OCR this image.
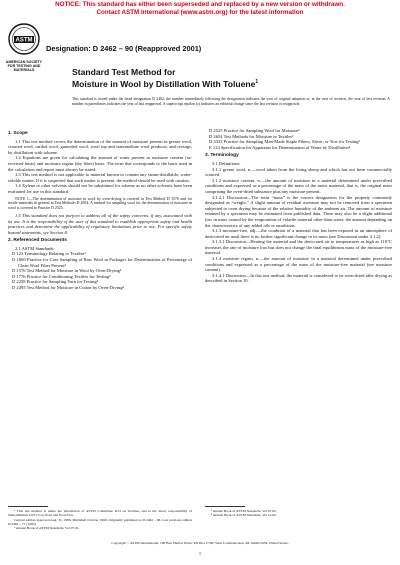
NOTICE: This standard has either been superseded and replaced by a new version or withdrawn.
Contact ASTM International (www.astm.org) for the latest information
ASTM
AMERICAN SOCIETY FOR TESTING AND MATERIALS
Designation: D 2462 – 90 (Reapproved 2001)
Standard Test Method for
Moisture in Wool by Distillation With Toluene$^1$
This standard is issued under the fixed designation D 2462; the number immediately following the designation indicates the year of original adoption or, in the case of revision, the year of last revision. A number in parentheses indicates the year of last reapproval. A superscript epsilon (ε) indicates an editorial change since the last revision or reapproval.

1. Scope

1.1 This test method covers the determination of the amount of moisture present in grease wool, scoured wool, carded wool, garnetted wool, wool top and intermediate wool products, and rovings, by distillation with toluene.

1.2 Equations are given for calculating the amount of water present as moisture content (as-received basis) and moisture regain (dry fiber) basis. The term that corresponds to the basis used in the calculation and report must always be stated.

1.3 This test method is not applicable to material known to contain any steam-distillable, water-soluble matter. If it is suspected that such matter is present, the method should be used with caution.

1.4 Xylene or other solvents should not be substituted for toluene as no other solvents have been evaluated for use in this standard.

NOTE 1—The determination of moisture in wool by oven-drying is covered in Test Method D 1576 and for textile materials in general in Test Methods D 2654. A method for sampling wool for the determination of moisture in wool is covered in Practice D 2525.

1.5 This standard does not purport to address all of the safety concerns, if any, associated with its use. It is the responsibility of the user of this standard to establish appropriate safety and health practices and determine the applicability of regulatory limitations prior to use. For specific safety hazard statements, see Section 8.

2. Referenced Documents

2.1 ASTM Standards:

D 123 Terminology Relating to Textiles²

D 1060 Practice for Core Sampling of Raw Wool in Packages for Determination of Percentage of Clean Wool Fiber Present²

D 1576 Test Method for Moisture in Wool by Oven-Drying²

D 1776 Practice for Conditioning Textiles for Testing²

D 2258 Practice for Sampling Yarn for Testing²

D 2495 Test Method for Moisture in Cotton by Oven-Drying²

D 2525 Practice for Sampling Wool for Moisture²

D 2654 Test Methods for Moisture in Textiles²

D 3333 Practice for Sampling Man-Made Staple Fibers, Sliver, or Tow for Testing³

E 123 Specification for Apparatus for Determination of Water by Distillation⁴

3. Terminology

3.1 Definitions:

3.1.1 grease wool, n.—wool taken from the living sheep and which has not been commercially scoured.

3.1.2 moisture content, n.—the amount of moisture in a material determined under prescribed conditions and expressed as a percentage of the mass of the moist material, that is, the original mass comprising the oven-dried substance plus any moisture present.

3.1.2.1 Discussion—The term “mass” is the correct designation for the property commonly designated as “weight.” A slight amount of residual moisture may not be removed from a specimen subjected to oven drying because of the relative humidity of the ambient air. The amount of moisture retained by a specimen may be estimated from published data. There may also be a slight additional loss in mass caused by the evaporation of volatile material other than water, the amount depending on the characteristics of any added oils or emulsions.

3.1.3 moisture-free, adj.—the condition of a material that has been exposed in an atmosphere of desiccated air until there is no further significant change in its mass (see Discussion under 3.1.2)

3.1.3.1 Discussion—Heating the material and the desiccated air to temperatures as high as 110°C increases the rate of moisture loss but does not change the final equilibrium mass of the moisture-free material.

3.1.4 moisture regain, n.—the amount of moisture in a material determined under prescribed conditions and expressed as a percentage of the mass of the moisture-free material (see moisture content).

3.1.4.1 Discussion—In this test method, the material is considered to be oven-dried after drying as described in Section 10.

¹ This test method is under the jurisdiction of ASTM Committee D13 on Textiles, and is the direct responsibility of Subcommittee D13.13 on Wool and Wool Felt.

Current edition approved Aug. 31, 1990. Published October 1990. Originally published as D 2462 – 66. Last previous edition D 2462 – 77 (1983).

² Annual Book of ASTM Standards, Vol 07.01.

³ Annual Book of ASTM Standards, Vol 07.02.

⁴ Annual Book of ASTM Standards, Vol 14.02.

Copyright © ASTM International, 100 Barr Harbor Drive, PO Box C700, West Conshohocken, PA 19428-2959, United States.
1
